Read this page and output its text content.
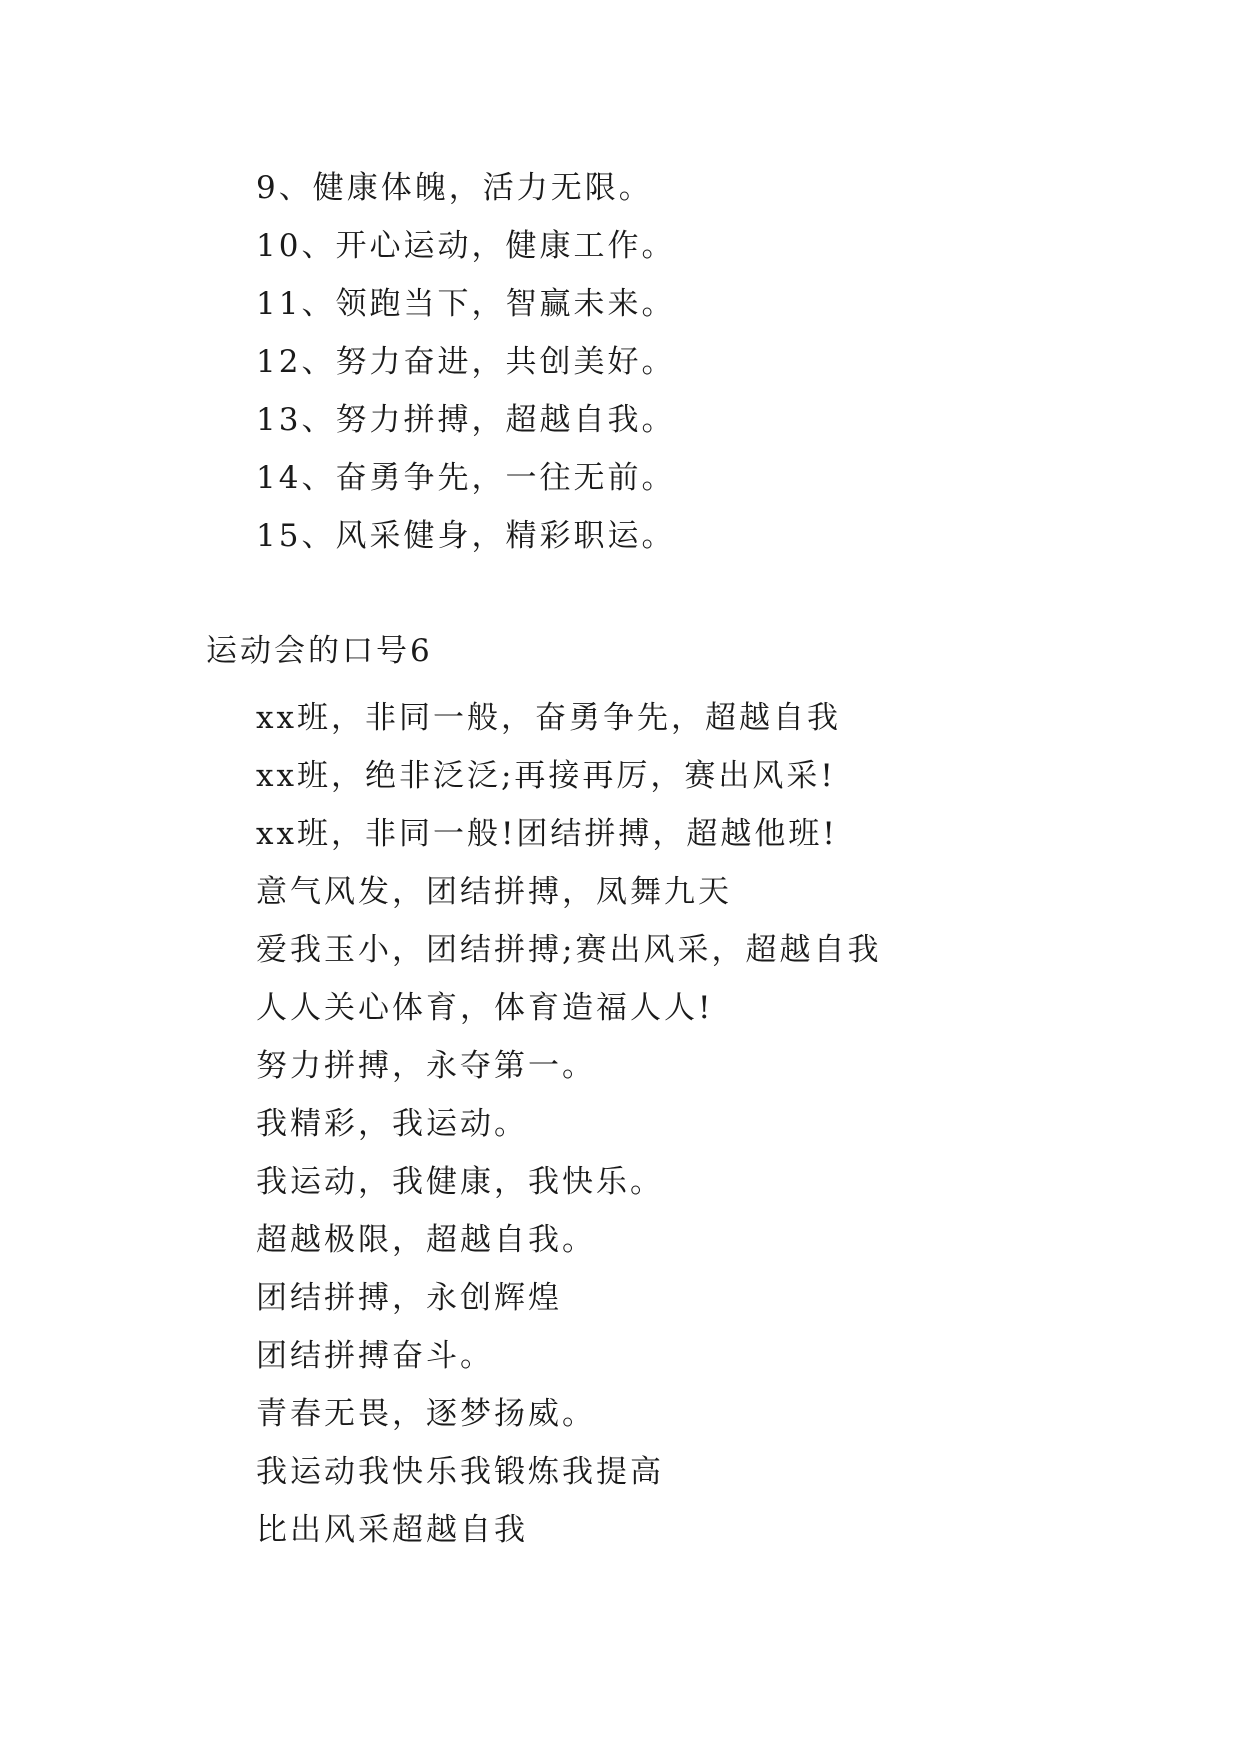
9、健康体魄，活力无限。
10、开心运动，健康工作。
11、领跑当下，智赢未来。
12、努力奋进，共创美好。
13、努力拼搏，超越自我。
14、奋勇争先，一往无前。
15、风采健身，精彩职运。
运动会的口号6
xx班，非同一般，奋勇争先，超越自我
xx班，绝非泛泛;再接再厉，赛出风采!
xx班，非同一般!团结拼搏，超越他班!
意气风发，团结拼搏，凤舞九天
爱我玉小，团结拼搏;赛出风采，超越自我
人人关心体育，体育造福人人!
努力拼搏，永夺第一。
我精彩，我运动。
我运动，我健康，我快乐。
超越极限，超越自我。
团结拼搏，永创辉煌
团结拼搏奋斗。
青春无畏，逐梦扬威。
我运动我快乐我锻炼我提高
比出风采超越自我
